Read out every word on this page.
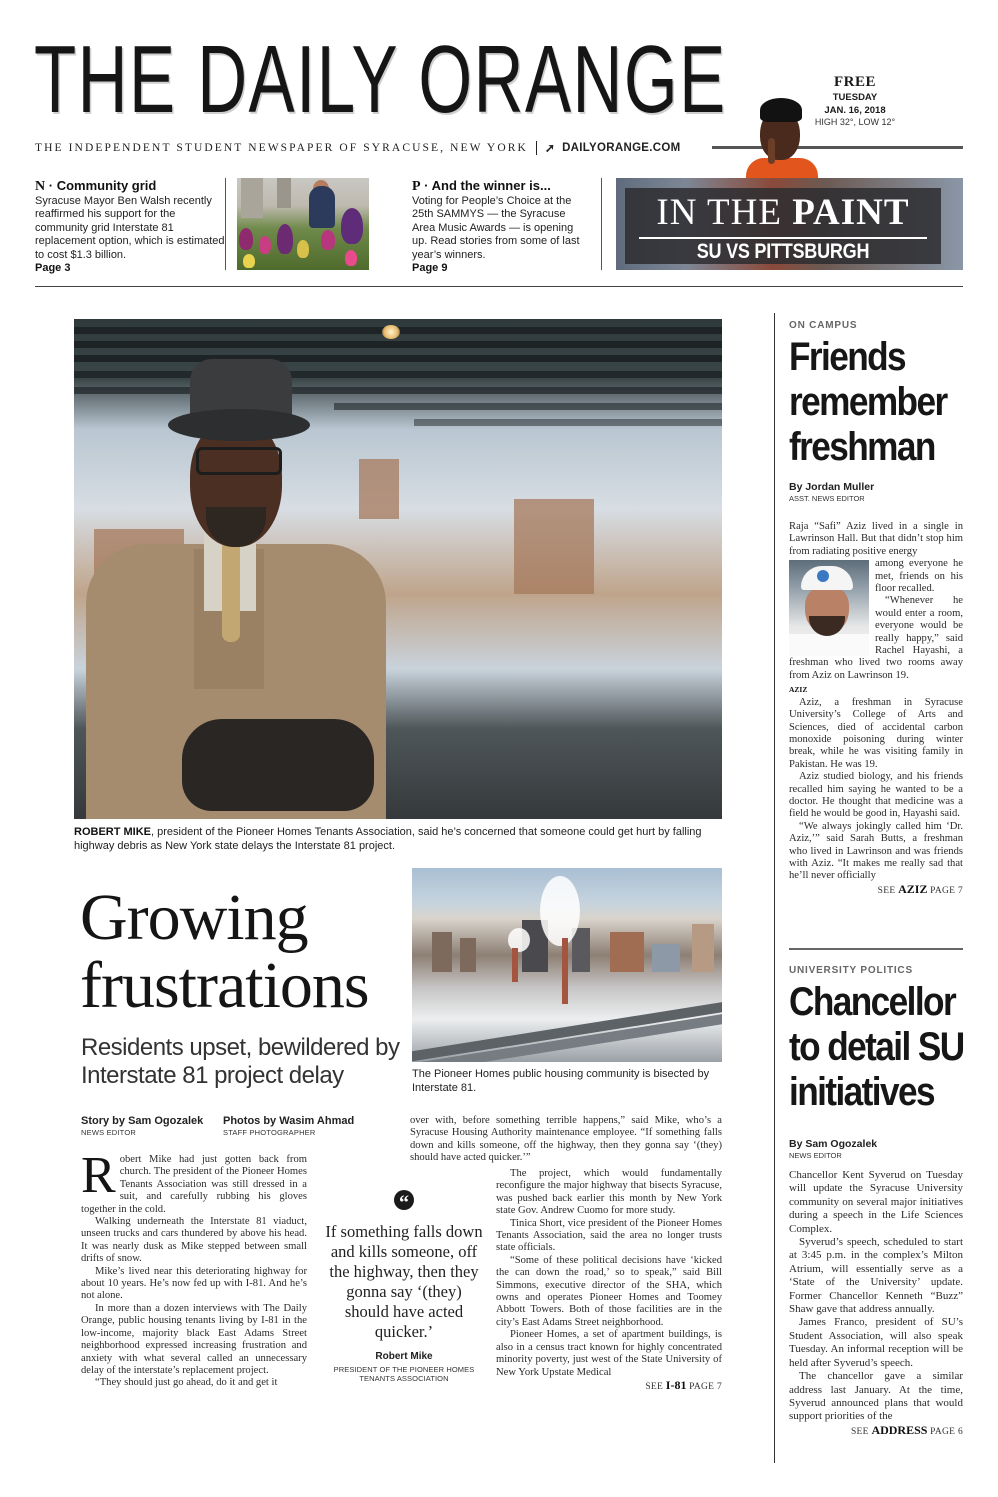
THE DAILY ORANGE
THE INDEPENDENT STUDENT NEWSPAPER OF SYRACUSE, NEW YORK ➚ DAILYORANGE.COM
FREE
TUESDAY
JAN. 16, 2018
HIGH 32°, LOW 12°
N · Community grid

Syracuse Mayor Ben Walsh recently reaffirmed his support for the community grid Interstate 81 replacement option, which is estimated to cost $1.3 billion.

Page 3
P · And the winner is...

Voting for People’s Choice at the 25th SAMMYS — the Syracuse Area Music Awards — is opening up. Read stories from some of last year’s winners.

Page 9
IN THE PAINT
SU VS PITTSBURGH
ROBERT MIKE, president of the Pioneer Homes Tenants Association, said he’s concerned that someone could get hurt by falling highway debris as New York state delays the Interstate 81 project.
Growing
frustrations
Residents upset, bewildered by Interstate 81 project delay
Story by Sam Ogozalek
NEWS EDITOR
Photos by Wasim Ahmad
STAFF PHOTOGRAPHER
The Pioneer Homes public housing community is bisected by Interstate 81.
R obert Mike had just gotten back from church. The president of the Pioneer Homes Tenants Association was still dressed in a suit, and carefully rubbing his gloves together in the cold.

Walking underneath the Interstate 81 viaduct, unseen trucks and cars thundered by above his head. It was nearly dusk as Mike stepped between small drifts of snow.

Mike’s lived near this deteriorating highway for about 10 years. He’s now fed up with I-81. And he’s not alone.

In more than a dozen interviews with The Daily Orange, public housing tenants living by I-81 in the low-income, majority black East Adams Street neighborhood expressed increasing frustration and anxiety with what several called an unnecessary delay of the interstate’s replacement project.

“They should just go ahead, do it and get it

over with, before something terrible happens,” said Mike, who’s a Syracuse Housing Authority maintenance employee. “If something falls down and kills someone, off the highway, then they gonna say ‘(they) should have acted quicker.’”

“
If something falls down and kills someone, off the highway, then they gonna say ‘(they) should have acted quicker.’
Robert Mike
PRESIDENT OF THE PIONEER HOMES TENANTS ASSOCIATION

The project, which would fundamentally reconfigure the major highway that bisects Syracuse, was pushed back earlier this month by New York state Gov. Andrew Cuomo for more study.

Tinica Short, vice president of the Pioneer Homes Tenants Association, said the area no longer trusts state officials.

“Some of these political decisions have ‘kicked the can down the road,’ so to speak,” said Bill Simmons, executive director of the SHA, which owns and operates Pioneer Homes and Toomey Abbott Towers. Both of those facilities are in the city’s East Adams Street neighborhood.

Pioneer Homes, a set of apartment buildings, is also in a census tract known for highly concentrated minority poverty, just west of the State University of New York Upstate Medical

SEE I-81 PAGE 7
ON CAMPUS
Friends remember freshman
By Jordan Muller
ASST. NEWS EDITOR

Raja “Safi” Aziz lived in a single in Lawrinson Hall. But that didn’t stop him from radiating positive energy

among everyone he met, friends on his floor recalled.

“Whenever he would enter a room, everyone would be really happy,” said Rachel Hayashi, a freshman who lived two rooms away from Aziz on Lawrinson 19.

AZIZ

Aziz, a freshman in Syracuse University’s College of Arts and Sciences, died of accidental carbon monoxide poisoning during winter break, while he was visiting family in Pakistan. He was 19.

Aziz studied biology, and his friends recalled him saying he wanted to be a doctor. He thought that medicine was a field he would be good in, Hayashi said.

“We always jokingly called him ‘Dr. Aziz,’” said Sarah Butts, a freshman who lived in Lawrinson and was friends with Aziz. “It makes me really sad that he’ll never officially

SEE AZIZ PAGE 7
UNIVERSITY POLITICS
Chancellor to detail SU initiatives
By Sam Ogozalek
NEWS EDITOR

Chancellor Kent Syverud on Tuesday will update the Syracuse University community on several major initiatives during a speech in the Life Sciences Complex.

Syverud’s speech, scheduled to start at 3:45 p.m. in the complex’s Milton Atrium, will essentially serve as a ‘State of the University’ update. Former Chancellor Kenneth “Buzz” Shaw gave that address annually.

James Franco, president of SU’s Student Association, will also speak Tuesday. An informal reception will be held after Syverud’s speech.

The chancellor gave a similar address last January. At the time, Syverud announced plans that would support priorities of the

SEE ADDRESS PAGE 6
